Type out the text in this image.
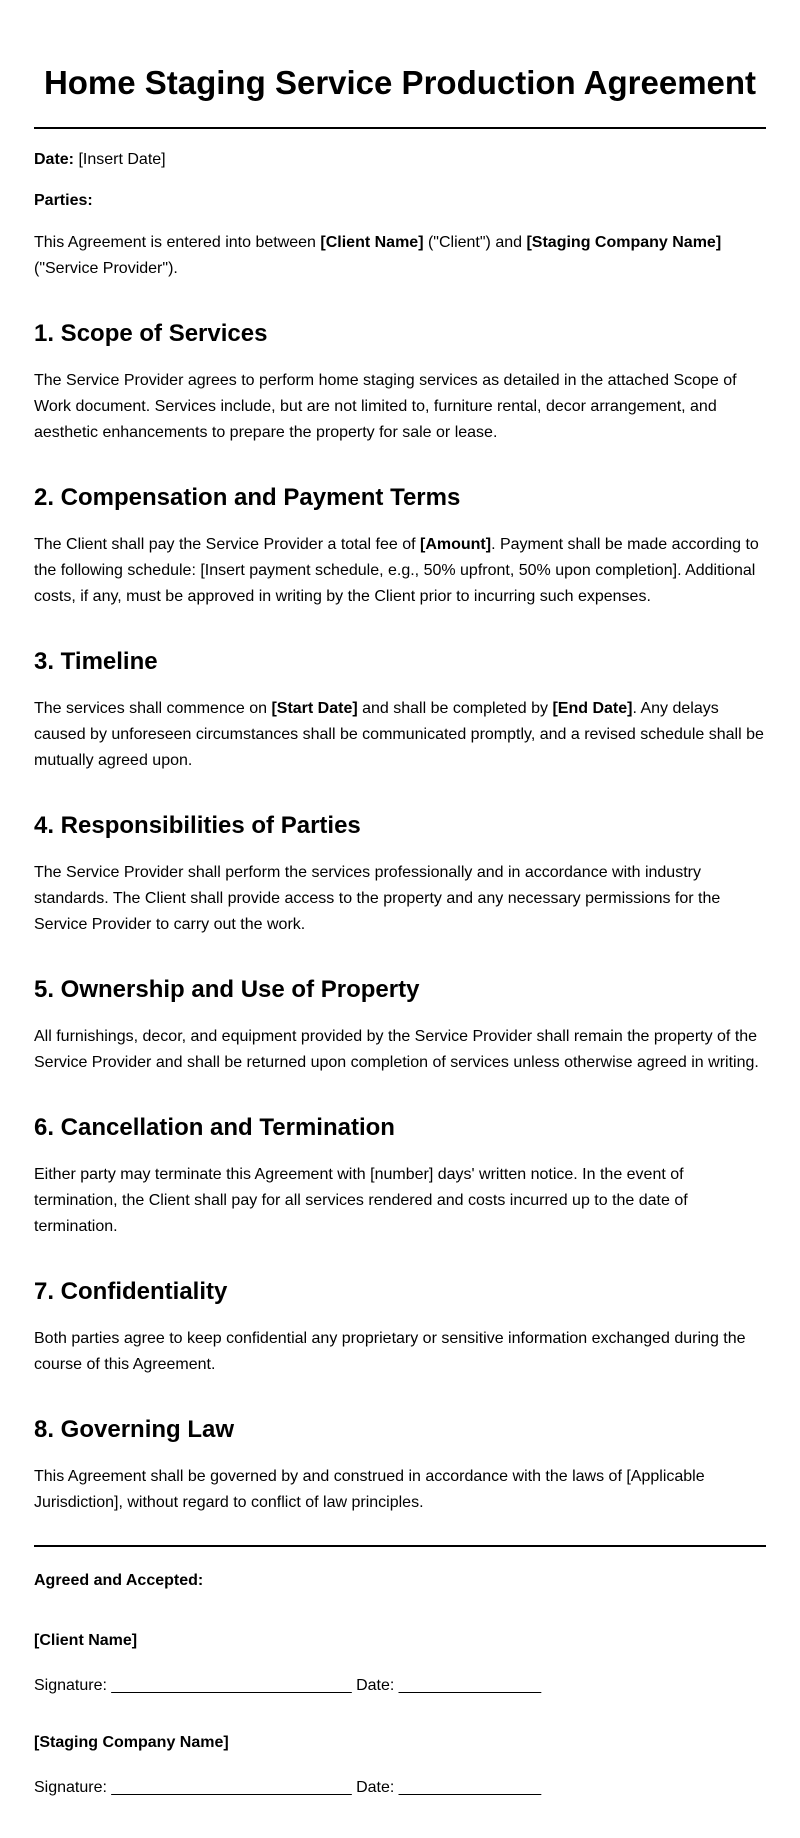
Home Staging Service Production Agreement

Date: [Insert Date]

Parties:

This Agreement is entered into between [Client Name] ("Client") and [Staging Company Name] ("Service Provider").

1. Scope of Services

The Service Provider agrees to perform home staging services as detailed in the attached Scope of Work document. Services include, but are not limited to, furniture rental, decor arrangement, and aesthetic enhancements to prepare the property for sale or lease.

2. Compensation and Payment Terms

The Client shall pay the Service Provider a total fee of [Amount]. Payment shall be made according to the following schedule: [Insert payment schedule, e.g., 50% upfront, 50% upon completion]. Additional costs, if any, must be approved in writing by the Client prior to incurring such expenses.

3. Timeline

The services shall commence on [Start Date] and shall be completed by [End Date]. Any delays caused by unforeseen circumstances shall be communicated promptly, and a revised schedule shall be mutually agreed upon.

4. Responsibilities of Parties

The Service Provider shall perform the services professionally and in accordance with industry standards. The Client shall provide access to the property and any necessary permissions for the Service Provider to carry out the work.

5. Ownership and Use of Property

All furnishings, decor, and equipment provided by the Service Provider shall remain the property of the Service Provider and shall be returned upon completion of services unless otherwise agreed in writing.

6. Cancellation and Termination

Either party may terminate this Agreement with [number] days' written notice. In the event of termination, the Client shall pay for all services rendered and costs incurred up to the date of termination.

7. Confidentiality

Both parties agree to keep confidential any proprietary or sensitive information exchanged during the course of this Agreement.

8. Governing Law

This Agreement shall be governed by and construed in accordance with the laws of [Applicable Jurisdiction], without regard to conflict of law principles.

Agreed and Accepted:

[Client Name]

Signature: ___________________________ Date: ________________

[Staging Company Name]

Signature: ___________________________ Date: ________________
